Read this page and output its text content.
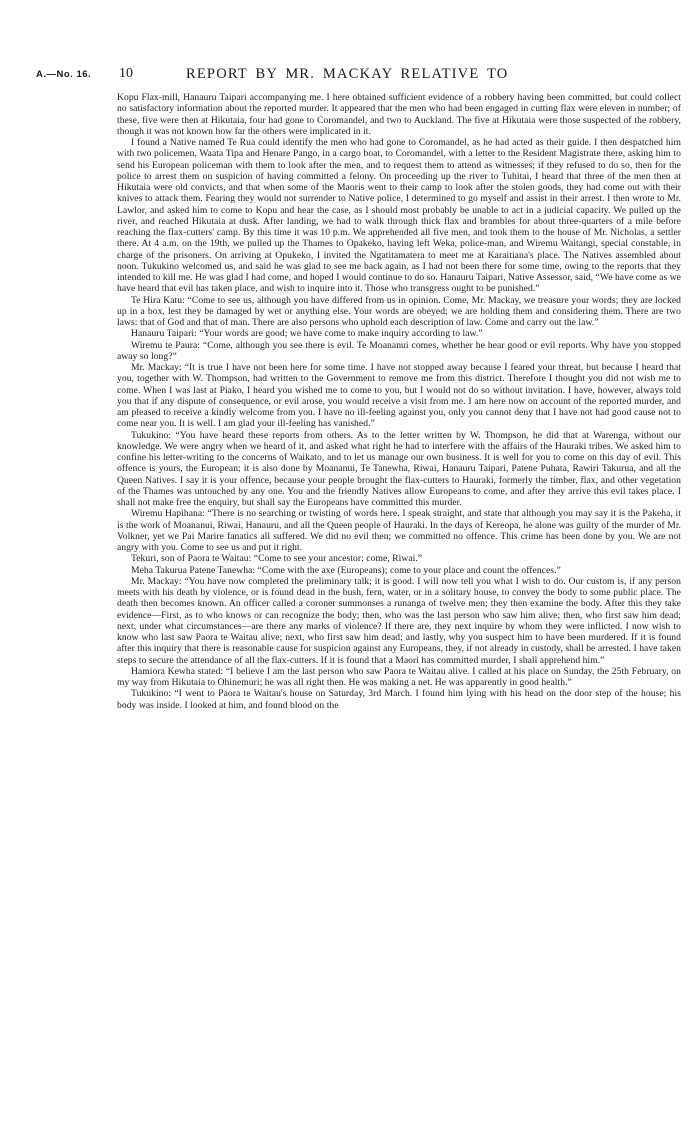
A.—No. 16. 10	REPORT BY MR. MACKAY RELATIVE TO

Kopu Flax-mill, Hanauru Taipari accompanying me. I here obtained sufficient evidence of a robbery having been committed, but could collect no satisfactory information about the reported murder. It appeared that the men who had been engaged in cutting flax were eleven in number; of these, five were then at Hikutaia, four had gone to Coromandel, and two to Auckland. The five at Hikutaia were those suspected of the robbery, though it was not known how far the others were implicated in it.

I found a Native named Te Rua could identify the men who had gone to Coromandel, as he had acted as their guide. I then despatched him with two policemen, Waata Tipa and Henare Pango, in a cargo boat, to Coromandel, with a letter to the Resident Magistrate there, asking him to send his European policeman with them to look after the men, and to request them to attend as witnesses; if they refused to do so, then for the police to arrest them on suspicion of having committed a felony. On proceeding up the river to Tuhitai, I heard that three of the men then at Hikutaia were old convicts, and that when some of the Maoris went to their camp to look after the stolen goods, they had come out with their knives to attack them. Fearing they would not surrender to Native police, I determined to go myself and assist in their arrest. I then wrote to Mr. Lawlor, and asked him to come to Kopu and hear the case, as I should most probably be unable to act in a judicial capacity. We pulled up the river, and reached Hikutaia at dusk. After landing, we had to walk through thick flax and brambles for about three-quarters of a mile before reaching the flax-cutters' camp. By this time it was 10 p.m. We apprehended all five men, and took them to the house of Mr. Nicholas, a settler there. At 4 a.m. on the 19th, we pulled up the Thames to Opakeko, having left Weka, police-man, and Wiremu Waitangi, special constable, in charge of the prisoners. On arriving at Opukeko, I invited the Ngatitamatera to meet me at Karaitiana's place. The Natives assembled about noon. Tukukino welcomed us, and said he was glad to see me back again, as I had not been there for some time, owing to the reports that they intended to kill me. He was glad I had come, and hoped I would continue to do so. Hanauru Taipari, Native Assessor, said, “We have come as we have heard that evil has taken place, and wish to inquire into it. Those who transgress ought to be punished.”

Te Hira Katu: “Come to see us, although you have differed from us in opinion. Come, Mr. Mackay, we treasure your words; they are locked up in a box, lest they be damaged by wet or anything else. Your words are obeyed; we are holding them and considering them. There are two laws: that of God and that of man. There are also persons who uphold each description of law. Come and carry out the law.”

Hanauru Taipari: “Your words are good; we have come to make inquiry according to law.”

Wiremu te Paura: “Come, although you see there is evil. Te Moananui comes, whether he hear good or evil reports. Why have you stopped away so long?”

Mr. Mackay: “It is true I have not been here for some time. I have not stopped away because I feared your threat, but because I heard that you, together with W. Thompson, had written to the Government to remove me from this district. Therefore I thought you did not wish me to come. When I was last at Piako, I heard you wished me to come to you, but I would not do so without invitation. I have, however, always told you that if any dispute of consequence, or evil arose, you would receive a visit from me. I am here now on account of the reported murder, and am pleased to receive a kindly welcome from you. I have no ill-feeling against you, only you cannot deny that I have not had good cause not to come near you. It is well. I am glad your ill-feeling has vanished.”

Tukukino: “You have heard these reports from others. As to the letter written by W. Thompson, he did that at Warenga, without our knowledge. We were angry when we heard of it, and asked what right he had to interfere with the affairs of the Hauraki tribes. We asked him to confine his letter-writing to the concerns of Waikato, and to let us manage our own business. It is well for you to come on this day of evil. This offence is yours, the European; it is also done by Moananui, Te Tanewha, Riwai, Hanauru Taipari, Patene Puhata, Rawiri Takurua, and all the Queen Natives. I say it is your offence, because your people brought the flax-cutters to Hauraki, formerly the timber, flax, and other vegetation of the Thames was untouched by any one. You and the friendly Natives allow Europeans to come, and after they arrive this evil takes place. I shall not make free the enquiry, but shall say the Europeans have committed this murder.

Wiremu Hapihana: “There is no searching or twisting of words here. I speak straight, and state that although you may say it is the Pakeha, it is the work of Moananui, Riwai, Hanauru, and all the Queen people of Hauraki. In the days of Kereopa, he alone was guilty of the murder of Mr. Volkner, yet we Pai Marire fanatics all suffered. We did no evil then; we committed no offence. This crime has been done by you. We are not angry with you. Come to see us and put it right.

Tekuri, son of Paora te Waitau: “Come to see your ancestor; come, Riwai.”

Meha Takurua Patene Tanewha: “Come with the axe (Europeans); come to your place and count the offences.”

Mr. Mackay: “You have now completed the preliminary talk; it is good. I will now tell you what I wish to do. Our custom is, if any person meets with his death by violence, or is found dead in the bush, fern, water, or in a solitary house, to convey the body to some public place. The death then becomes known. An officer called a coroner summonses a runanga of twelve men; they then examine the body. After this they take evidence—First, as to who knows or can recognize the body; then, who was the last person who saw him alive; then, who first saw him dead; next, under what circumstances—are there any marks of violence? If there are, they next inquire by whom they were inflicted. I now wish to know who last saw Paora te Waitau alive; next, who first saw him dead; and lastly, why you suspect him to have been murdered. If it is found after this inquiry that there is reasonable cause for suspicion against any Europeans, they, if not already in custody, shall be arrested. I have taken steps to secure the attendance of all the flax-cutters. If it is found that a Maori has committed murder, I shall apprehend him.”

Hamiora Kewha stated: “I believe I am the last person who saw Paora te Waitau alive. I called at his place on Sunday, the 25th February, on my way from Hikutaia to Ohinemuri; he was all right then. He was making a net. He was apparently in good health.”

Tukukino: “I went to Paora te Waitau's house on Saturday, 3rd March. I found him lying with his head on the door step of the house; his body was inside. I looked at him, and found blood on the
